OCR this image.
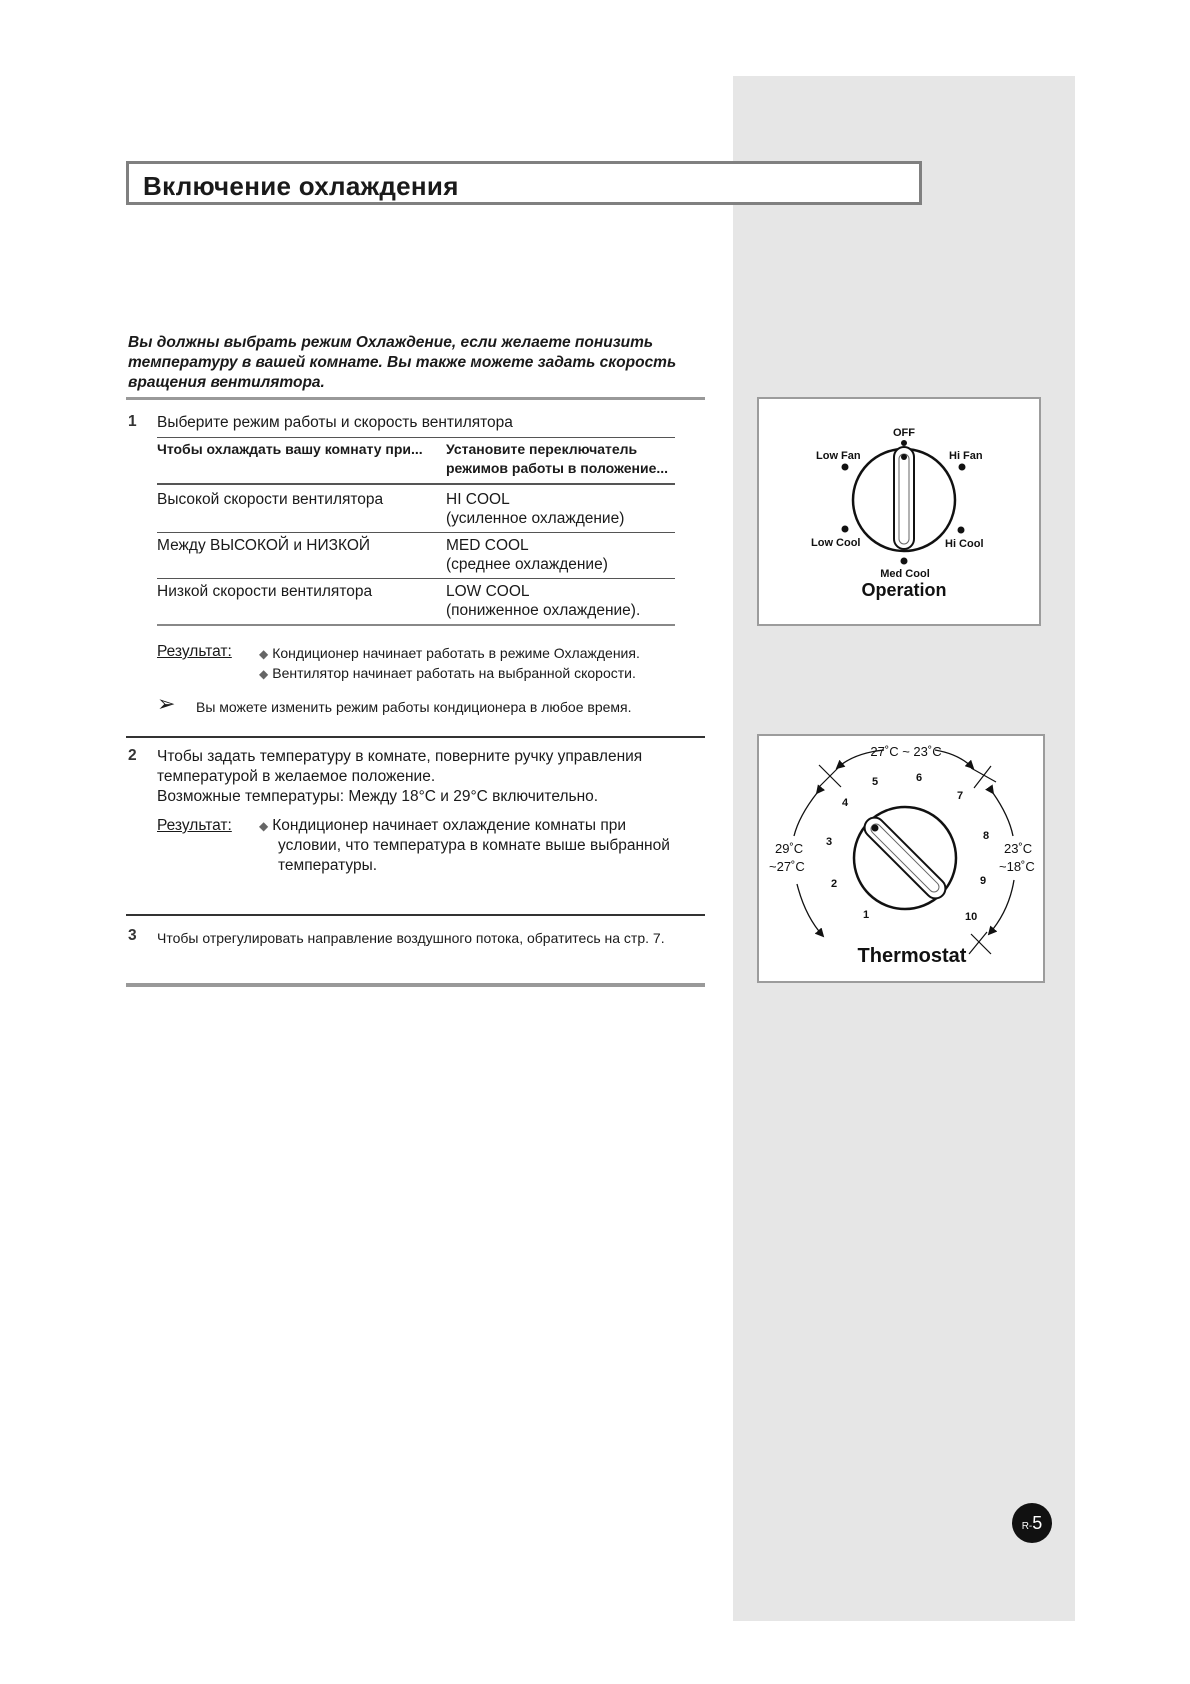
Включение охлаждения
Вы должны выбрать режим Охлаждение, если желаете понизить температуру в вашей комнате. Вы также можете задать скорость вращения вентилятора.
1 Выберите режим работы и скорость вентилятора
Чтобы охлаждать вашу комнату при...	Установите переключатель режимов работы в положение...
Высокой скорости вентилятора	HI COOL
(усиленное охлаждение)
Между ВЫСОКОЙ и НИЗКОЙ	MED COOL
(среднее охлаждение)
Низкой скорости вентилятора	LOW COOL
(пониженное охлаждение).
Результат: ◆ Кондиционер начинает работать в режиме Охлаждения.
◆ Вентилятор начинает работать на выбранной скорости.
➢ Вы можете изменить режим работы кондиционера в любое время.
2 Чтобы задать температуру в комнате, поверните ручку управления
температурой в желаемое положение.
Возможные температуры: Между 18°C и 29°C включительно.
Результат: ◆ Кондиционер начинает охлаждение комнаты при
условии, что температура в комнате выше выбранной
температуры.
3 Чтобы отрегулировать направление воздушного потока, обратитесь на стр. 7.
OFF
Low Fan	Hi Fan
Low Cool	Hi Cool
Med Cool
Operation
27˚C ~ 23˚C
29˚C
~27˚C
23˚C
~18˚C
1
2
3
4
5	6
7
8
9
10
Thermostat
R-5
